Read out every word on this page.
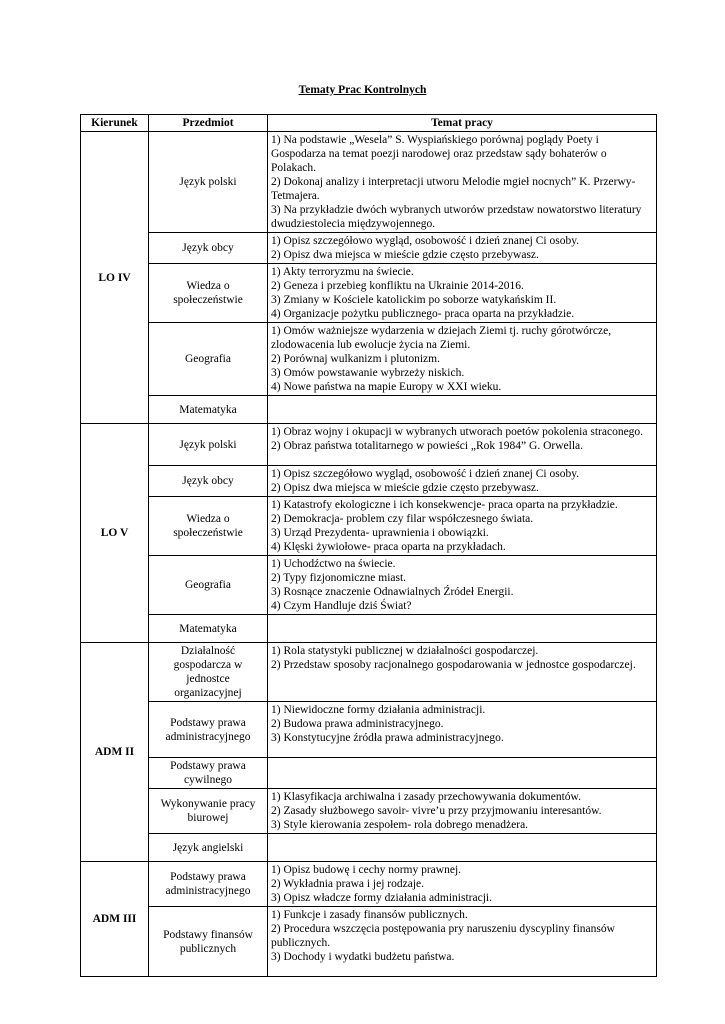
Tematy Prac Kontrolnych
Kierunek	Przedmiot	Temat pracy
LO IV	Język polski	1) Na podstawie „Wesela” S. Wyspiańskiego porównaj poglądy Poety i Gospodarza na temat poezji narodowej oraz przedstaw sądy bohaterów o Polakach.
2) Dokonaj analizy i interpretacji utworu Melodie mgieł nocnych” K. Przerwy- Tetmajera.
3) Na przykładzie dwóch wybranych utworów przedstaw nowatorstwo literatury dwudziestolecia międzywojennego.

	Język obcy	1) Opisz szczegółowo wygląd, osobowość i dzień znanej Ci osoby.
2) Opisz dwa miejsca w mieście gdzie często przebywasz.

	Wiedza o społeczeństwie	1) Akty terroryzmu na świecie.
2) Geneza i przebieg konfliktu na Ukrainie 2014-2016.
3) Zmiany w Kościele katolickim po soborze watykańskim II.
4) Organizacje pożytku publicznego- praca oparta na przykładzie.

	Geografia	1) Omów ważniejsze wydarzenia w dziejach Ziemi tj. ruchy górotwórcze, zlodowacenia lub ewolucje życia na Ziemi.
2) Porównaj wulkanizm i plutonizm.
3) Omów powstawanie wybrzeży niskich.
4) Nowe państwa na mapie Europy w XXI wieku.

	Matematyka	
LO V	Język polski	1) Obraz wojny i okupacji w wybranych utworach poetów pokolenia straconego.
2) Obraz państwa totalitarnego w powieści „Rok 1984” G. Orwella.

	Język obcy	1) Opisz szczegółowo wygląd, osobowość i dzień znanej Ci osoby.
2) Opisz dwa miejsca w mieście gdzie często przebywasz.

	Wiedza o społeczeństwie	1) Katastrofy ekologiczne i ich konsekwencje- praca oparta na przykładzie.
2) Demokracja- problem czy filar współczesnego świata.
3) Urząd Prezydenta- uprawnienia i obowiązki.
4) Klęski żywiołowe- praca oparta na przykładach.

	Geografia	1) Uchodźctwo na świecie.
2) Typy fizjonomiczne miast.
3) Rosnące znaczenie Odnawialnych Źródeł Energii.
4) Czym Handluje dziś Świat?

	Matematyka	
ADM II	Działalność gospodarcza w jednostce organizacyjnej	1) Rola statystyki publicznej w działalności gospodarczej.
2) Przedstaw sposoby racjonalnego gospodarowania w jednostce gospodarczej.

	Podstawy prawa administracyjnego	1) Niewidoczne formy działania administracji.
2) Budowa prawa administracyjnego.
3) Konstytucyjne źródła prawa administracyjnego.

	Podstawy prawa cywilnego	
	Wykonywanie pracy biurowej	1) Klasyfikacja archiwalna i zasady przechowywania dokumentów.
2) Zasady służbowego savoir- vivre’u przy przyjmowaniu interesantów.
3) Style kierowania zespołem- rola dobrego menadżera.

	Język angielski	
ADM III	Podstawy prawa administracyjnego	1) Opisz budowę i cechy normy prawnej.
2) Wykładnia prawa i jej rodzaje.
3) Opisz władcze formy działania administracji.

	Podstawy finansów publicznych	1) Funkcje i zasady finansów publicznych.
2) Procedura wszczęcia postępowania pry naruszeniu dyscypliny finansów publicznych.
3) Dochody i wydatki budżetu państwa.
